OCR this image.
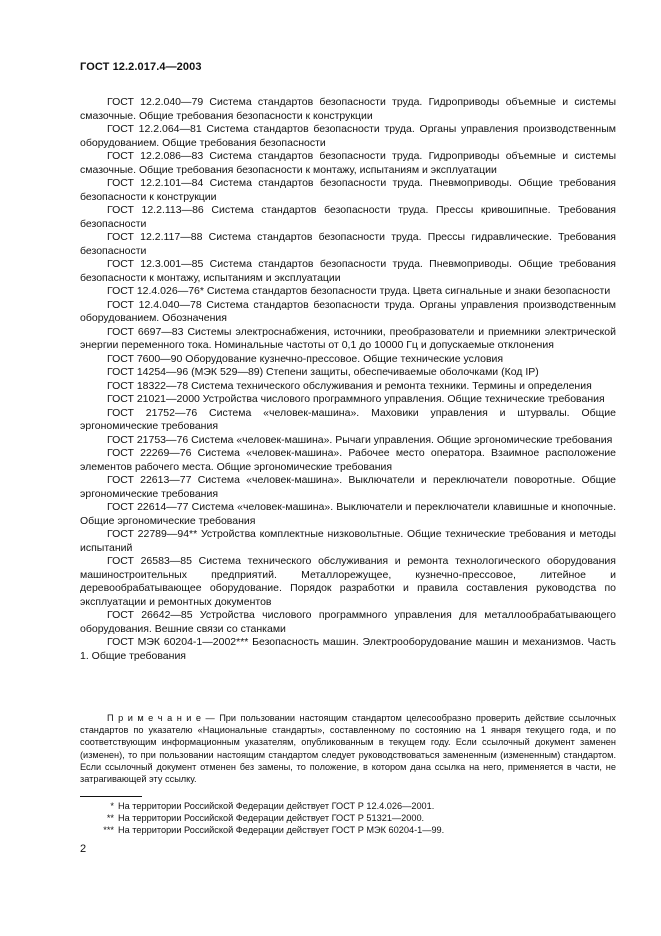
ГОСТ 12.2.017.4—2003

ГОСТ 12.2.040—79 Система стандартов безопасности труда. Гидроприводы объемные и системы смазочные. Общие требования безопасности к конструкции

ГОСТ 12.2.064—81 Система стандартов безопасности труда. Органы управления производственным оборудованием. Общие требования безопасности

ГОСТ 12.2.086—83 Система стандартов безопасности труда. Гидроприводы объемные и системы смазочные. Общие требования безопасности к монтажу, испытаниям и эксплуатации

ГОСТ 12.2.101—84 Система стандартов безопасности труда. Пневмоприводы. Общие требования безопасности к конструкции

ГОСТ 12.2.113—86 Система стандартов безопасности труда. Прессы кривошипные. Требования безопасности

ГОСТ 12.2.117—88 Система стандартов безопасности труда. Прессы гидравлические. Требования безопасности

ГОСТ 12.3.001—85 Система стандартов безопасности труда. Пневмоприводы. Общие требования безопасности к монтажу, испытаниям и эксплуатации

ГОСТ 12.4.026—76* Система стандартов безопасности труда. Цвета сигнальные и знаки безопасности

ГОСТ 12.4.040—78 Система стандартов безопасности труда. Органы управления производственным оборудованием. Обозначения

ГОСТ 6697—83 Системы электроснабжения, источники, преобразователи и приемники электрической энергии переменного тока. Номинальные частоты от 0,1 до 10000 Гц и допускаемые отклонения

ГОСТ 7600—90 Оборудование кузнечно-прессовое. Общие технические условия

ГОСТ 14254—96 (МЭК 529—89) Степени защиты, обеспечиваемые оболочками (Код IP)

ГОСТ 18322—78 Система технического обслуживания и ремонта техники. Термины и определения

ГОСТ 21021—2000 Устройства числового программного управления. Общие технические требования

ГОСТ 21752—76 Система «человек-машина». Маховики управления и штурвалы. Общие эргономические требования

ГОСТ 21753—76 Система «человек-машина». Рычаги управления. Общие эргономические требования

ГОСТ 22269—76 Система «человек-машина». Рабочее место оператора. Взаимное расположение элементов рабочего места. Общие эргономические требования

ГОСТ 22613—77 Система «человек-машина». Выключатели и переключатели поворотные. Общие эргономические требования

ГОСТ 22614—77 Система «человек-машина». Выключатели и переключатели клавишные и кнопочные. Общие эргономические требования

ГОСТ 22789—94** Устройства комплектные низковольтные. Общие технические требования и методы испытаний

ГОСТ 26583—85 Система технического обслуживания и ремонта технологического оборудования машиностроительных предприятий. Металлорежущее, кузнечно-прессовое, литейное и деревообрабатывающее оборудование. Порядок разработки и правила составления руководства по эксплуатации и ремонтных документов

ГОСТ 26642—85 Устройства числового программного управления для металлообрабатывающего оборудования. Вешние связи со станками

ГОСТ МЭК 60204-1—2002*** Безопасность машин. Электрооборудование машин и механизмов. Часть 1. Общие требования

П р и м е ч а н и е — При пользовании настоящим стандартом целесообразно проверить действие ссылочных стандартов по указателю «Национальные стандарты», составленному по состоянию на 1 января текущего года, и по соответствующим информационным указателям, опубликованным в текущем году. Если ссылочный документ заменен (изменен), то при пользовании настоящим стандартом следует руководствоваться замененным (измененным) стандартом. Если ссылочный документ отменен без замены, то положение, в котором дана ссылка на него, применяется в части, не затрагивающей эту ссылку.

* На территории Российской Федерации действует ГОСТ Р 12.4.026—2001.

** На территории Российской Федерации действует ГОСТ Р 51321—2000.

*** На территории Российской Федерации действует ГОСТ Р МЭК 60204-1—99.

2
